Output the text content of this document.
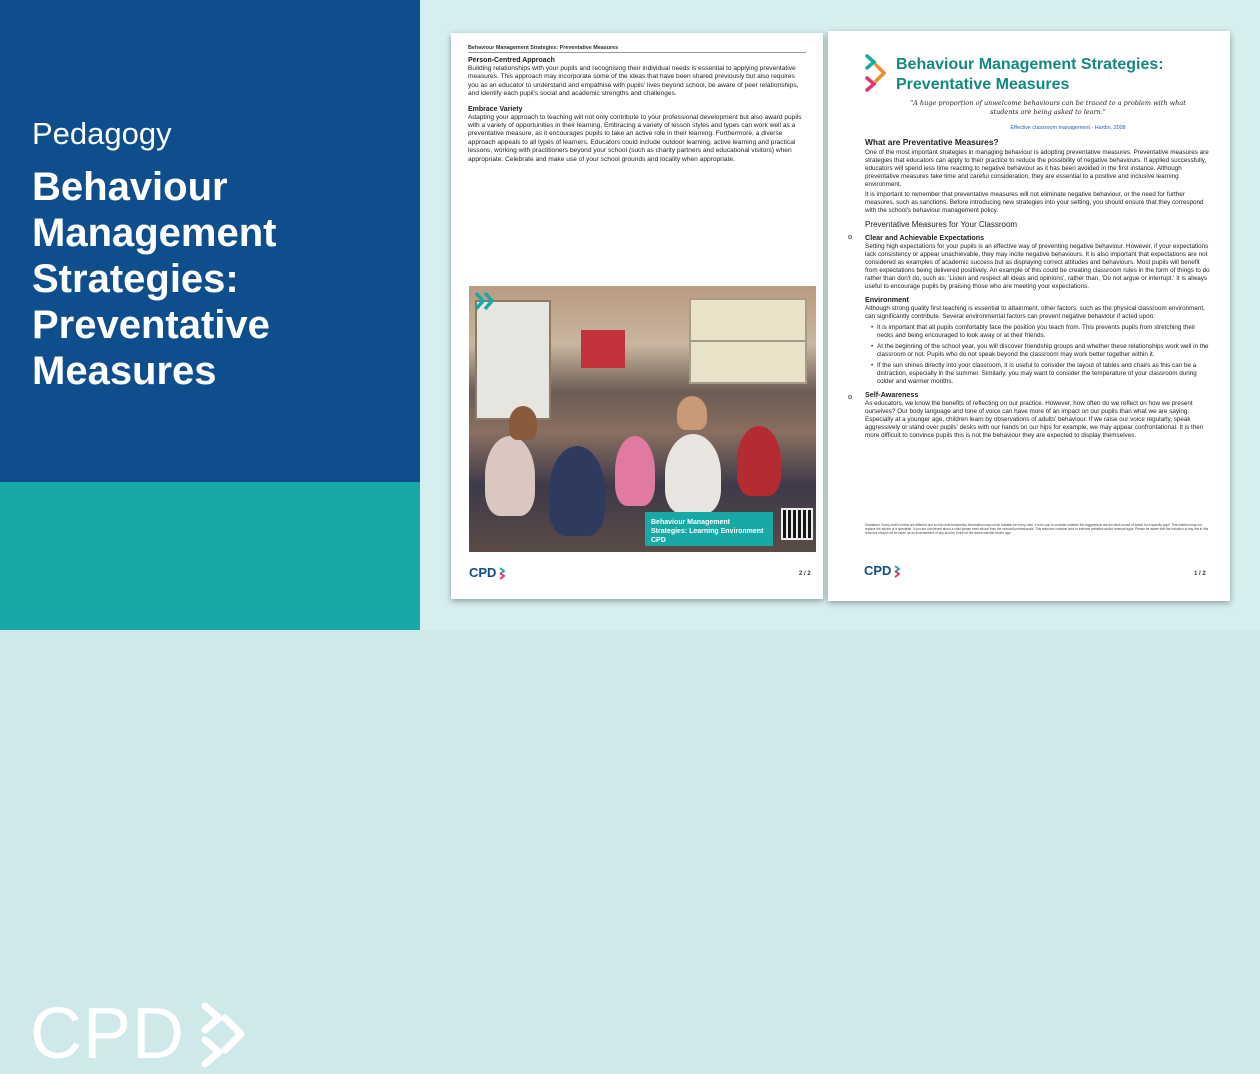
Pedagogy
Behaviour Management Strategies: Preventative Measures
CPD
Behaviour Management Strategies: Preventative Measures
Person-Centred Approach
Building relationships with your pupils and recognising their individual needs is essential to applying preventative measures. This approach may incorporate some of the ideas that have been shared previously but also requires you as an educator to understand and empathise with pupils' lives beyond school, be aware of peer relationships, and identify each pupil's social and academic strengths and challenges.
Embrace Variety
Adapting your approach to teaching will not only contribute to your professional development but also award pupils with a variety of opportunities in their learning. Embracing a variety of lesson styles and types can work well as a preventative measure, as it encourages pupils to take an active role in their learning. Furthermore, a diverse approach appeals to all types of learners. Educators could include outdoor learning, active learning and practical lessons, working with practitioners beyond your school (such as charity partners and educational visitors) when appropriate. Celebrate and make use of your school grounds and locality when appropriate.
Behaviour Management Strategies: Learning Environment CPD
CPD	2 / 2
Behaviour Management Strategies: Preventative Measures
"A huge proportion of unwelcome behaviours can be traced to a problem with what students are being asked to learn."
Effective classroom management - Hardin, 2008
What are Preventative Measures?
One of the most important strategies in managing behaviour is adopting preventative measures. Preventative measures are strategies that educators can apply to their practice to reduce the possibility of negative behaviours. If applied successfully, educators will spend less time reacting to negative behaviour as it has been avoided in the first instance. Although preventative measures take time and careful consideration, they are essential to a positive and inclusive learning environment.
It is important to remember that preventative measures will not eliminate negative behaviour, or the need for further measures, such as sanctions. Before introducing new strategies into your setting, you should ensure that they correspond with the school's behaviour management policy.
Preventative Measures for Your Classroom
Clear and Achievable Expectations
Setting high expectations for your pupils is an effective way of preventing negative behaviour. However, if your expectations lack consistency or appear unachievable, they may incite negative behaviours. It is also important that expectations are not considered as examples of academic success but as displaying correct attitudes and behaviours. Most pupils will benefit from expectations being delivered positively. An example of this could be creating classroom rules in the form of things to do rather than don't do, such as: 'Listen and respect all ideas and opinions', rather than, 'Do not argue or interrupt.' It is always useful to encourage pupils by praising those who are meeting your expectations.
Environment
Although strong quality first teaching is essential to attainment, other factors, such as the physical classroom environment, can significantly contribute. Several environmental factors can prevent negative behaviour if acted upon:
• It is important that all pupils comfortably face the position you teach from. This prevents pupils from stretching their necks and being encouraged to look away or at their friends.
• At the beginning of the school year, you will discover friendship groups and whether these relationships work well in the classroom or not. Pupils who do not speak beyond the classroom may work better together within it.
• If the sun shines directly into your classroom, it is useful to consider the layout of tables and chairs as this can be a distraction, especially in the summer. Similarly, you may want to consider the temperature of your classroom during colder and warmer months.
Self-Awareness
As educators, we know the benefits of reflecting on our practice. However, how often do we reflect on how we present ourselves? Our body language and tone of voice can have more of an impact on our pupils than what we are saying. Especially at a younger age, children learn by observations of adults' behaviour. If we raise our voice regularly, speak aggressively or stand over pupils' desks with our hands on our hips for example, we may appear confrontational. It is then more difficult to convince pupils this is not the behaviour they are expected to display themselves.
Disclaimer: Every child's needs are different and so the most trustworthy information may not be suitable for every child. It is for you to consider whether the suggestions are the best course of action for a specific pupil. This material may not replace the advice of a specialist. If you are concerned about a child please seek advice from the relevant professionals. This resource contains links to external websites and/or external apps. Please be aware that the inclusion of any link in this resource should not be taken as an endorsement of any kind by Twinkl of the linked website and/or app.
CPD	1 / 2
